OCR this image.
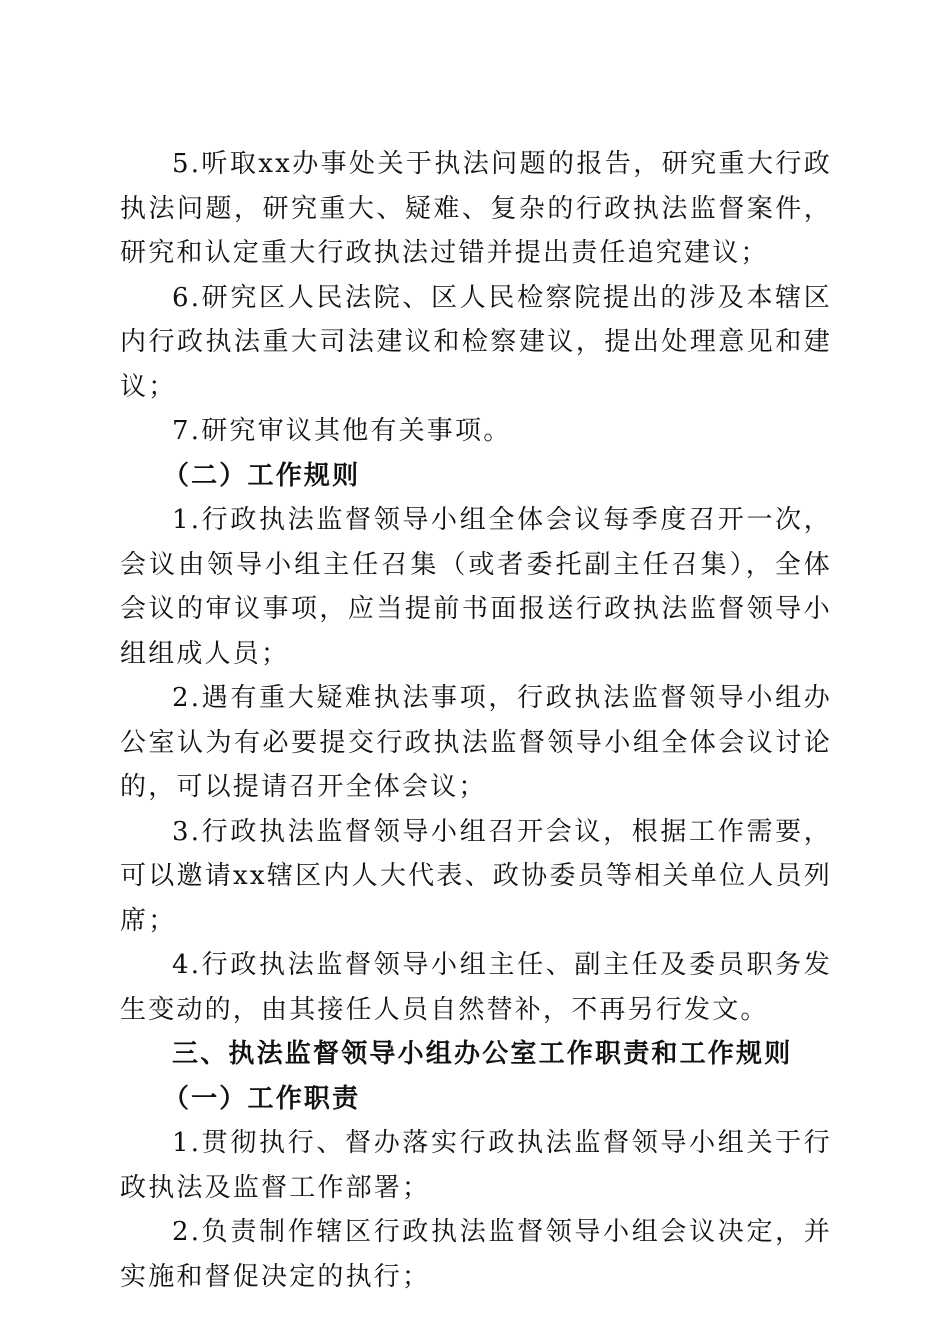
5.听取xx办事处关于执法问题的报告，研究重大行政执法问题，研究重大、疑难、复杂的行政执法监督案件，研究和认定重大行政执法过错并提出责任追究建议；

6.研究区人民法院、区人民检察院提出的涉及本辖区内行政执法重大司法建议和检察建议，提出处理意见和建议；

7.研究审议其他有关事项。

（二）工作规则

1.行政执法监督领导小组全体会议每季度召开一次，会议由领导小组主任召集（或者委托副主任召集），全体会议的审议事项，应当提前书面报送行政执法监督领导小组组成人员；

2.遇有重大疑难执法事项，行政执法监督领导小组办公室认为有必要提交行政执法监督领导小组全体会议讨论的，可以提请召开全体会议；

3.行政执法监督领导小组召开会议，根据工作需要，可以邀请xx辖区内人大代表、政协委员等相关单位人员列席；

4.行政执法监督领导小组主任、副主任及委员职务发生变动的，由其接任人员自然替补，不再另行发文。

三、执法监督领导小组办公室工作职责和工作规则

（一）工作职责

1.贯彻执行、督办落实行政执法监督领导小组关于行政执法及监督工作部署；

2.负责制作辖区行政执法监督领导小组会议决定，并实施和督促决定的执行；
